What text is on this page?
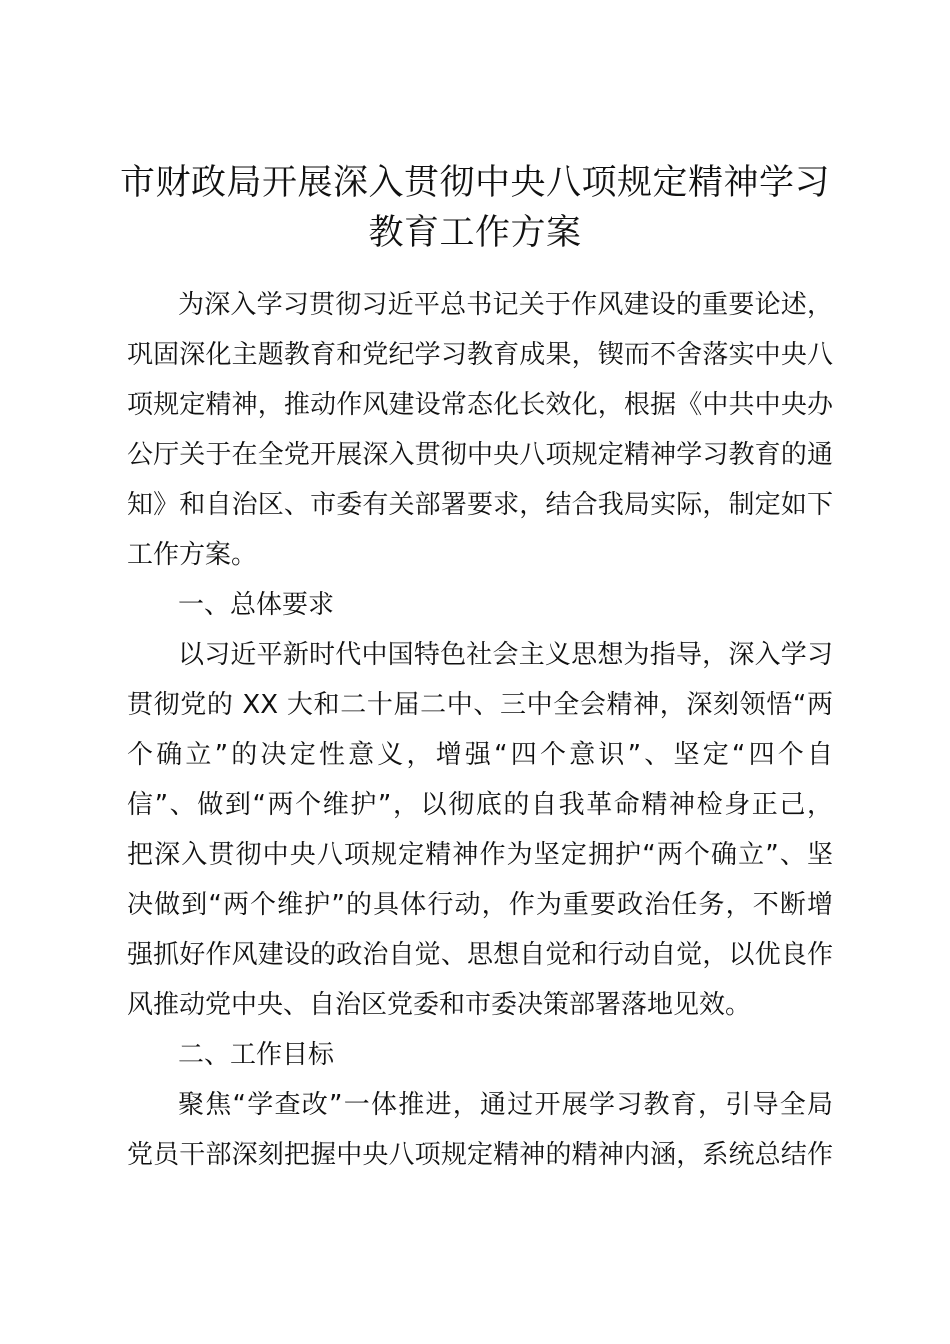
市财政局开展深入贯彻中央八项规定精神学习
教育工作方案

为深入学习贯彻习近平总书记关于作风建设的重要论述，

巩固深化主题教育和党纪学习教育成果，锲而不舍落实中央八

项规定精神，推动作风建设常态化长效化，根据《中共中央办

公厅关于在全党开展深入贯彻中央八项规定精神学习教育的通

知》和自治区、市委有关部署要求，结合我局实际，制定如下

工作方案。

一、总体要求

以习近平新时代中国特色社会主义思想为指导，深入学习

贯彻党的 XX 大和二十届二中、三中全会精神，深刻领悟“两

个确立”的决定性意义，增强“四个意识”、坚定“四个自

信”、做到“两个维护”，以彻底的自我革命精神检身正己，

把深入贯彻中央八项规定精神作为坚定拥护“两个确立”、坚

决做到“两个维护”的具体行动，作为重要政治任务，不断增

强抓好作风建设的政治自觉、思想自觉和行动自觉，以优良作

风推动党中央、自治区党委和市委决策部署落地见效。

二、工作目标

聚焦“学查改”一体推进，通过开展学习教育，引导全局

党员干部深刻把握中央八项规定精神的精神内涵，系统总结作
